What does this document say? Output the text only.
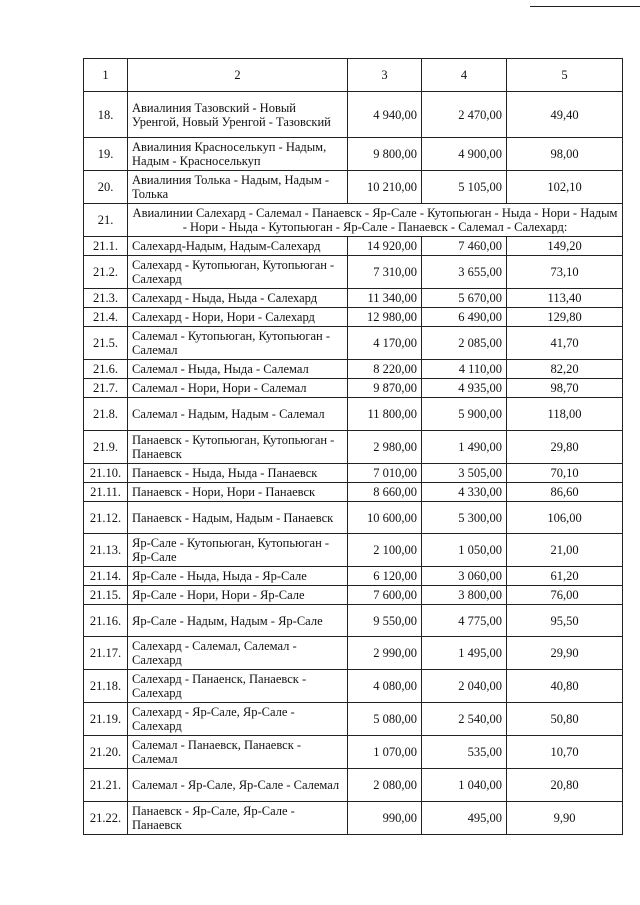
1	2	3	4	5
18.	Авиалиния Тазовский - Новый Уренгой, Новый Уренгой - Тазовский	4 940,00	2 470,00	49,40
19.	Авиалиния Красноселькуп - Надым, Надым - Красноселькуп	9 800,00	4 900,00	98,00
20.	Авиалиния Толька - Надым, Надым - Толька	10 210,00	5 105,00	102,10
21.	Авиалинии Салехард - Салемал - Панаевск - Яр-Сале - Кутопьюган - Ныда - Нори - Надым - Нори - Ныда - Кутопьюган - Яр-Сале - Панаевск - Салемал - Салехард:			
21.1.	Салехард-Надым, Надым-Салехард	14 920,00	7 460,00	149,20
21.2.	Салехард - Кутопьюган, Кутопьюган - Салехард	7 310,00	3 655,00	73,10
21.3.	Салехард - Ныда, Ныда - Салехард	11 340,00	5 670,00	113,40
21.4.	Салехард - Нори, Нори - Салехард	12 980,00	6 490,00	129,80
21.5.	Салемал - Кутопьюган, Кутопьюган - Салемал	4 170,00	2 085,00	41,70
21.6.	Салемал - Ныда, Ныда - Салемал	8 220,00	4 110,00	82,20
21.7.	Салемал - Нори, Нори - Салемал	9 870,00	4 935,00	98,70
21.8.	Салемал - Надым, Надым - Салемал	11 800,00	5 900,00	118,00
21.9.	Панаевск - Кутопьюган, Кутопьюган - Панаевск	2 980,00	1 490,00	29,80
21.10.	Панаевск - Ныда, Ныда - Панаевск	7 010,00	3 505,00	70,10
21.11.	Панаевск - Нори, Нори - Панаевск	8 660,00	4 330,00	86,60
21.12.	Панаевск - Надым, Надым - Панаевск	10 600,00	5 300,00	106,00
21.13.	Яр-Сале - Кутопьюган, Кутопьюган - Яр-Сале	2 100,00	1 050,00	21,00
21.14.	Яр-Сале - Ныда, Ныда - Яр-Сале	6 120,00	3 060,00	61,20
21.15.	Яр-Сале - Нори, Нори - Яр-Сале	7 600,00	3 800,00	76,00
21.16.	Яр-Сале - Надым, Надым - Яр-Сале	9 550,00	4 775,00	95,50
21.17.	Салехард - Салемал, Салемал - Салехард	2 990,00	1 495,00	29,90
21.18.	Салехард - Панаенск, Панаевск - Салехард	4 080,00	2 040,00	40,80
21.19.	Салехард - Яр-Сале, Яр-Сале - Салехард	5 080,00	2 540,00	50,80
21.20.	Салемал - Панаевск, Панаевск - Салемал	1 070,00	535,00	10,70
21.21.	Салемал - Яр-Сале, Яр-Сале - Салемал	2 080,00	1 040,00	20,80
21.22.	Панаевск - Яр-Сале, Яр-Сале - Панаевск	990,00	495,00	9,90
